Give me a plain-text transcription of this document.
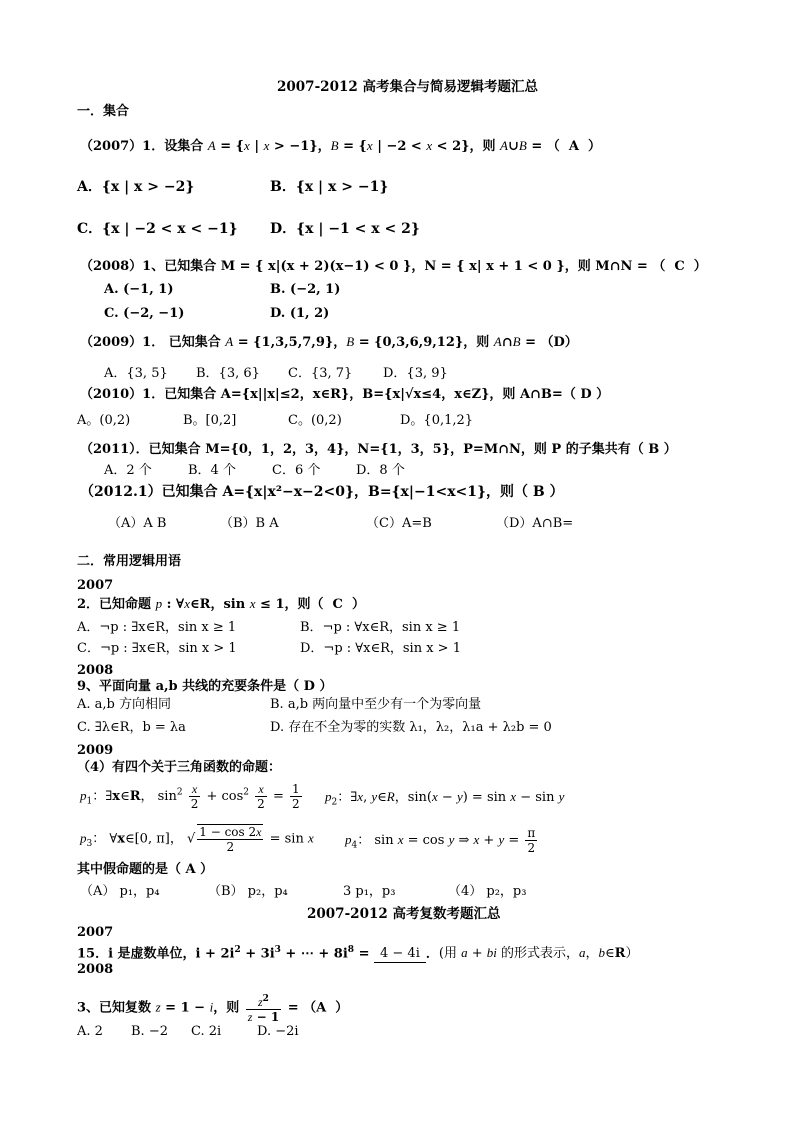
2007-2012 高考集合与简易逻辑考题汇总
一．集合
（2007）1．设集合 A = {x | x > −1}，B = {x | −2 < x < 2}，则 A∪B = （  A  ）
A．{x | x > −2}	B．{x | x > −1}
C．{x | −2 < x < −1} D．{x | −1 < x < 2}
（2008）1、已知集合 M = { x|(x + 2)(x−1) < 0 }，N = { x| x + 1 < 0 }，则 M∩N = （  C  ）
A. (−1, 1)	B. (−2, 1)
C. (−2, −1)	D. (1, 2)
（2009）1． 已知集合 A = {1,3,5,7,9}，B = {0,3,6,9,12}，则 A∩B = （D）
A．{3, 5} B．{3, 6} C．{3, 7} D．{3, 9}
（2010）1．已知集合 A={x||x|≤2，x∈R}，B={x|√x≤4，x∈Z}，则 A∩B=（ D ）
A。(0,2)	B。[0,2]	C。(0,2)	D。{0,1,2}
（2011）．已知集合 M={0，1，2，3，4}，N={1，3，5}，P=M∩N，则 P 的子集共有（ B ）
A．2 个	B．4 个	C．6 个	D．8 个
（2012.1）已知集合 A={x|x²−x−2<0}，B={x|−1<x<1}，则（ B ）
（A）A B	（B）B A	（C）A=B	（D）A∩B=
二．常用逻辑用语
2007
2．已知命题 p : ∀x∈R，sin x ≤ 1，则（  C  ）
A．¬p : ∃x∈R，sin x ≥ 1	B．¬p : ∀x∈R，sin x ≥ 1
C．¬p : ∃x∈R，sin x > 1	D．¬p : ∀x∈R，sin x > 1
2008
9、平面向量 a,b 共线的充要条件是（ D ）
A. a,b 方向相同	B. a,b 两向量中至少有一个为零向量
C. ∃λ∈R，b = λa	D. 存在不全为零的实数 λ₁，λ₂，λ₁a + λ₂b = 0
2009
（4）有四个关于三角函数的命题：
$p_1$：∃x∈R， $\sin^2 \frac{x}{2} + \cos^2 \frac{x}{2} = \frac{1}{2} p_2$：∃x, y∈R，sin(x − y) = sin x − sin y
$p_3$： ∀x∈[0, π]， √ $\frac{1 - \cos 2x}{2} = \sin x$ $p_4$： sin x = cos y ⇒ $x + y = \frac{\pi}{2}$
其中假命题的是（ A ）
（A） p₁，p₄	（B） p₂，p₄	3 p₁，p₃	（4） p₂，p₃
2007-2012 高考复数考题汇总
2007
15．i 是虚数单位，$i + 2i^2 + 3i^3$ + ⋯ + $8i^8 = 4 - 4i$ ．(用 a + bi 的形式表示，a，b∈R）
2008
3、已知复数 z = 1 − i，则 $\frac{z^2}{z - 1} = (A$  ）
A. 2 B. −2 C. 2i	D. −2i
